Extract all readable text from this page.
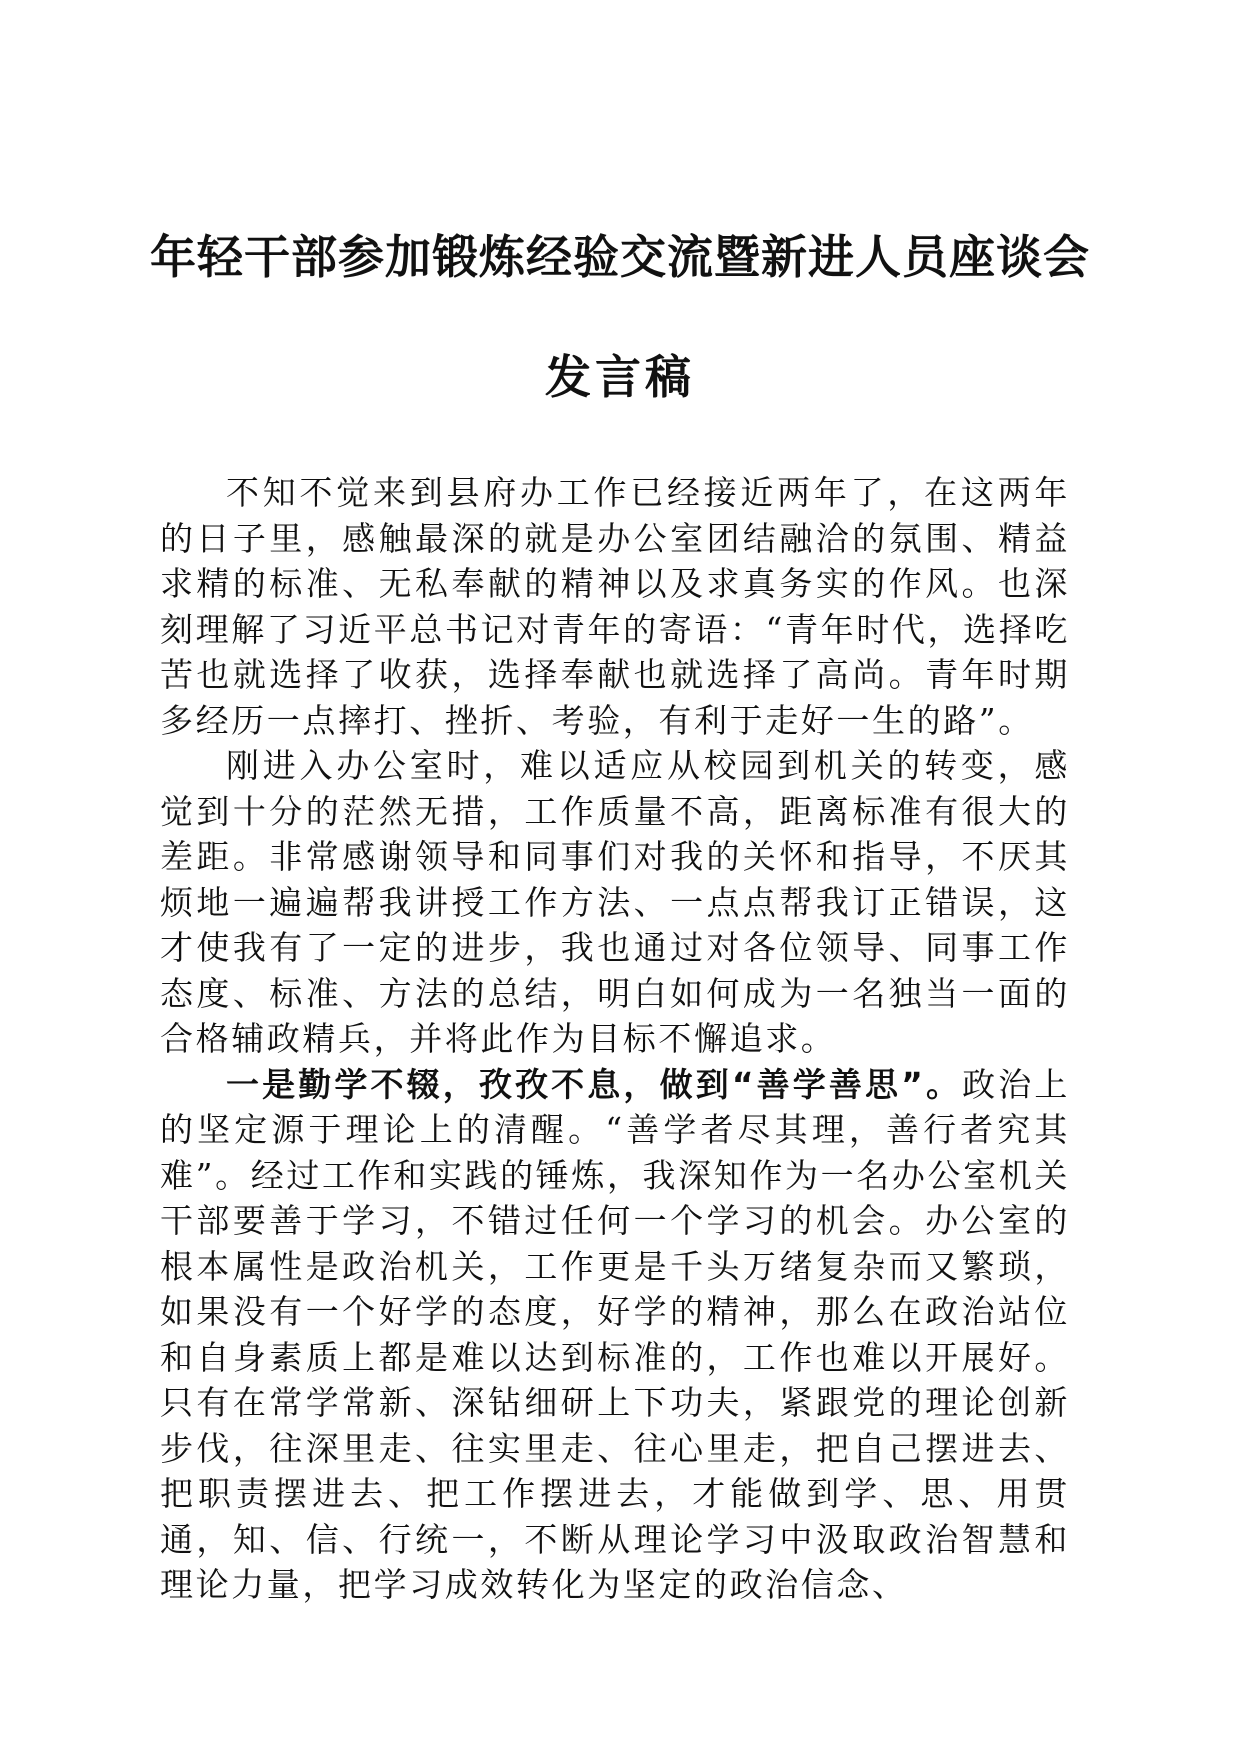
年轻干部参加锻炼经验交流暨新进人员座谈会
发言稿

不知不觉来到县府办工作已经接近两年了，在这两年的日子里，感触最深的就是办公室团结融洽的氛围、精益求精的标准、无私奉献的精神以及求真务实的作风。也深刻理解了习近平总书记对青年的寄语：“青年时代，选择吃苦也就选择了收获，选择奉献也就选择了高尚。青年时期多经历一点摔打、挫折、考验，有利于走好一生的路”。

刚进入办公室时，难以适应从校园到机关的转变，感觉到十分的茫然无措，工作质量不高，距离标准有很大的差距。非常感谢领导和同事们对我的关怀和指导，不厌其烦地一遍遍帮我讲授工作方法、一点点帮我订正错误，这才使我有了一定的进步，我也通过对各位领导、同事工作态度、标准、方法的总结，明白如何成为一名独当一面的合格辅政精兵，并将此作为目标不懈追求。

一是勤学不辍，孜孜不息，做到“善学善思”。政治上的坚定源于理论上的清醒。“善学者尽其理，善行者究其难”。经过工作和实践的锤炼，我深知作为一名办公室机关干部要善于学习，不错过任何一个学习的机会。办公室的根本属性是政治机关，工作更是千头万绪复杂而又繁琐，如果没有一个好学的态度，好学的精神，那么在政治站位和自身素质上都是难以达到标准的，工作也难以开展好。只有在常学常新、深钻细研上下功夫，紧跟党的理论创新步伐，往深里走、往实里走、往心里走，把自己摆进去、把职责摆进去、把工作摆进去，才能做到学、思、用贯通，知、信、行统一，不断从理论学习中汲取政治智慧和理论力量，把学习成效转化为坚定的政治信念、
